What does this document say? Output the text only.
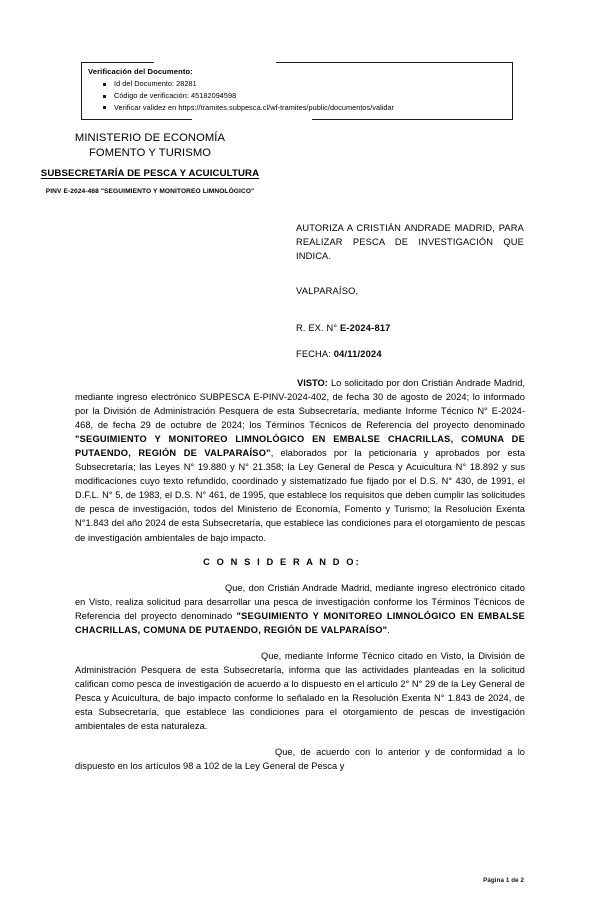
Verificación del Documento:
Id del Documento: 28281
Código de verificación: 45182094598
Verificar validez en https://tramites.subpesca.cl/wf-tramites/public/documentos/validar
MINISTERIO DE ECONOMÍA
FOMENTO Y TURISMO
SUBSECRETARÍA DE PESCA Y ACUICULTURA
PINV E-2024-468 "SEGUIMIENTO Y MONITOREO LIMNOLÓGICO"
AUTORIZA A CRISTIÁN ANDRADE MADRID, PARA REALIZAR PESCA DE INVESTIGACIÓN QUE INDICA.
VALPARAÍSO,
R. EX. N° E-2024-817
FECHA: 04/11/2024

VISTO: Lo solicitado por don Cristián Andrade Madrid, mediante ingreso electrónico SUBPESCA E-PINV-2024-402, de fecha 30 de agosto de 2024; lo informado por la División de Administración Pesquera de esta Subsecretaría, mediante Informe Técnico N° E-2024-468, de fecha 29 de octubre de 2024; los Términos Técnicos de Referencia del proyecto denominado "SEGUIMIENTO Y MONITOREO LIMNOLÓGICO EN EMBALSE CHACRILLAS, COMUNA DE PUTAENDO, REGIÓN DE VALPARAÍSO", elaborados por la peticionaria y aprobados por esta Subsecretaría; las Leyes N° 19.880 y N° 21.358; la Ley General de Pesca y Acuicultura N° 18.892 y sus modificaciones cuyo texto refundido, coordinado y sistematizado fue fijado por el D.S. N° 430, de 1991, el D.F.L. N° 5, de 1983, el D.S. N° 461, de 1995, que establece los requisitos que deben cumplir las solicitudes de pesca de investigación, todos del Ministerio de Economía, Fomento y Turismo; la Resolución Exenta N°1.843 del año 2024 de esta Subsecretaría, que establece las condiciones para el otorgamiento de pescas de investigación ambientales de bajo impacto.

C O N S I D E R A N D O:

Que, don Cristián Andrade Madrid, mediante ingreso electrónico citado en Visto, realiza solicitud para desarrollar una pesca de investigación conforme los Términos Técnicos de Referencia del proyecto denominado "SEGUIMIENTO Y MONITOREO LIMNOLÓGICO EN EMBALSE CHACRILLAS, COMUNA DE PUTAENDO, REGIÓN DE VALPARAÍSO".

Que, mediante Informe Técnico citado en Visto, la División de Administración Pesquera de esta Subsecretaría, informa que las actividades planteadas en la solicitud califican como pesca de investigación de acuerdo a lo dispuesto en el artículo 2° N° 29 de la Ley General de Pesca y Acuicultura, de bajo impacto conforme lo señalado en la Resolución Exenta N° 1.843 de 2024, de esta Subsecretaría, que establece las condiciones para el otorgamiento de pescas de investigación ambientales de esta naturaleza.

Que, de acuerdo con lo anterior y de conformidad a lo dispuesto en los artículos 98 a 102 de la Ley General de Pesca y

Página 1 de 2
